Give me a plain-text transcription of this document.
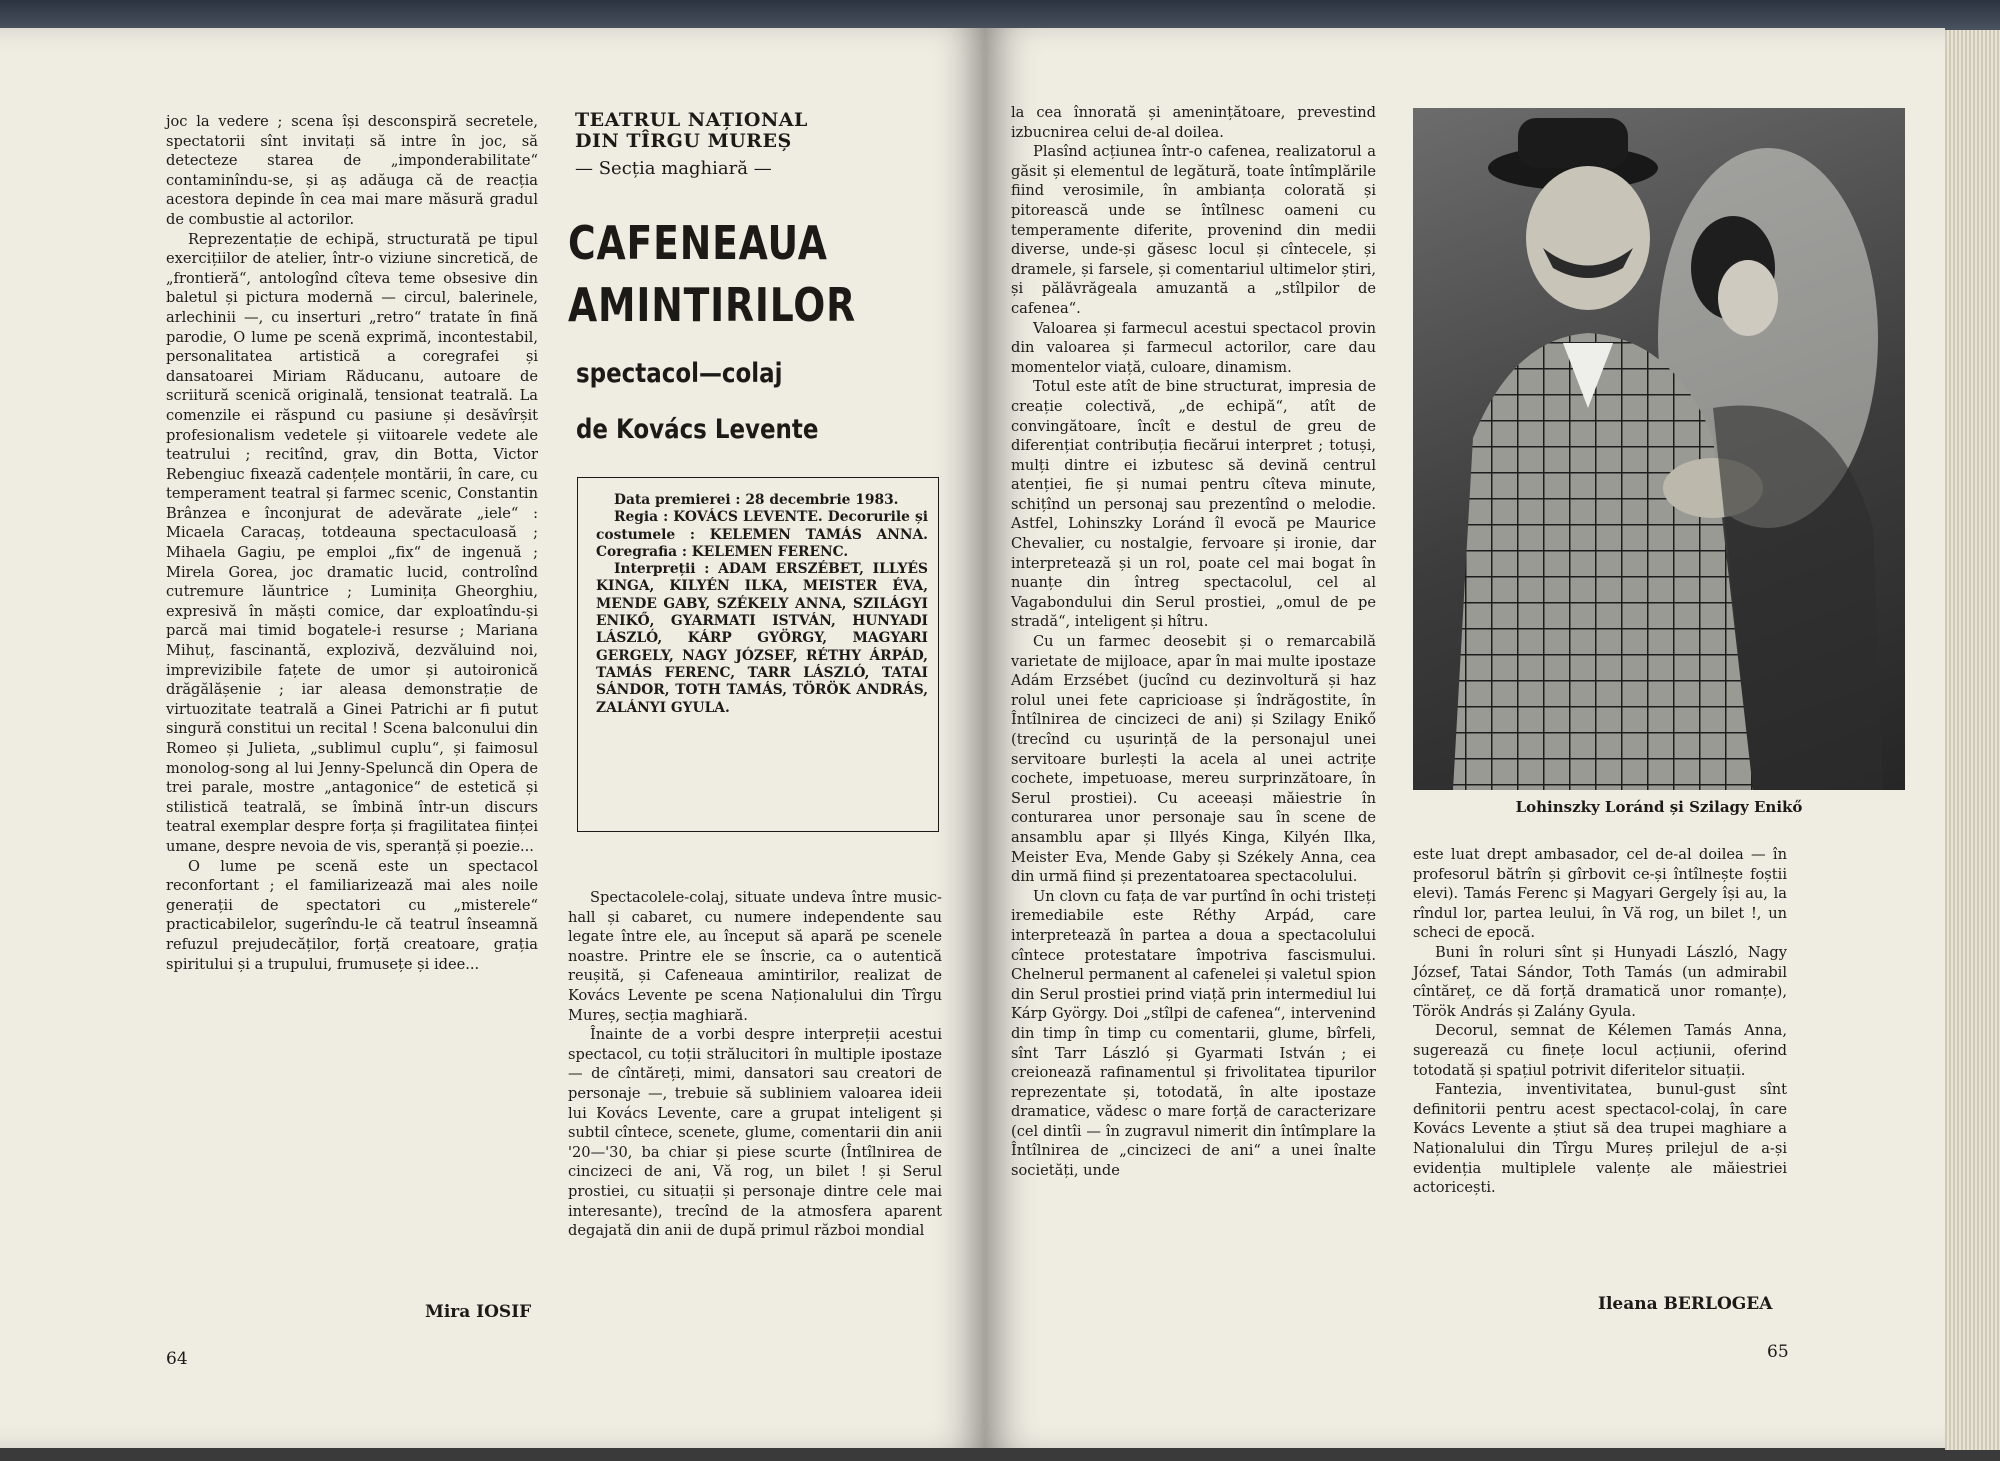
joc la vedere ; scena își desconspiră secretele, spectatorii sînt invitați să intre în joc, să detecteze starea de „imponderabilitate“ contaminîndu-se, și aș adăuga că de reacția acestora depinde în cea mai mare măsură gradul de combustie al actorilor.

Reprezentație de echipă, structurată pe tipul exercițiilor de atelier, într-o viziune sincretică, de „frontieră“, antologînd cîteva teme obsesive din baletul și pictura modernă — circul, balerinele, arlechinii —, cu inserturi „retro“ tratate în fină parodie, O lume pe scenă exprimă, incontestabil, personalitatea artistică a coregrafei și dansatoarei Miriam Răducanu, autoare de scriitură scenică originală, tensionat teatrală. La comenzile ei răspund cu pasiune și desăvîrșit profesionalism vedetele și viitoarele vedete ale teatrului ; recitînd, grav, din Botta, Victor Rebengiuc fixează cadențele montării, în care, cu temperament teatral și farmec scenic, Constantin Brânzea e înconjurat de adevărate „iele“ : Micaela Caracaș, totdeauna spectaculoasă ; Mihaela Gagiu, pe emploi „fix“ de ingenuă ; Mirela Gorea, joc dramatic lucid, controlînd cutremure lăuntrice ; Luminița Gheorghiu, expresivă în măști comice, dar exploatîndu-și parcă mai timid bogatele-i resurse ; Mariana Mihuț, fascinantă, explozivă, dezvăluind noi, imprevizibile fațete de umor și autoironică drăgălășenie ; iar aleasa demonstrație de virtuozitate teatrală a Ginei Patrichi ar fi putut singură constitui un recital ! Scena balconului din Romeo și Julieta, „sublimul cuplu“, și faimosul monolog-song al lui Jenny-Speluncă din Opera de trei parale, mostre „antagonice“ de estetică și stilistică teatrală, se îmbină într-un discurs teatral exemplar despre forța și fragilitatea ființei umane, despre nevoia de vis, speranță și poezie...

O lume pe scenă este un spectacol reconfortant ; el familiarizează mai ales noile generații de spectatori cu „misterele“ practicabilelor, sugerîndu-le că teatrul înseamnă refuzul prejudecăților, forță creatoare, grația spiritului și a trupului, frumusețe și idee...

Mira IOSIF
64
TEATRUL NAȚIONAL
DIN TÎRGU MUREȘ
— Secția maghiară —
CAFENEAUA
AMINTIRILOR
spectacol—colaj
de Kovács Levente

Data premierei : 28 decembrie 1983.

Regia : KOVÁCS LEVENTE. Decorurile și costumele : KELEMEN TAMÁS ANNA. Coregrafia : KELEMEN FERENC.

Interpreții : ADAM ERSZÉBET, ILLYÉS KINGA, KILYÉN ILKA, MEISTER ÉVA, MENDE GABY, SZÉKELY ANNA, SZILÁGYI ENIKŐ, GYARMATI ISTVÁN, HUNYADI LÁSZLÓ, KÁRP GYÖRGY, MAGYARI GERGELY, NAGY JÓZSEF, RÉTHY ÁRPÁD, TAMÁS FERENC, TARR LÁSZLÓ, TATAI SÁNDOR, TOTH TAMÁS, TÖRÖK ANDRÁS, ZALÁNYI GYULA.

Spectacolele-colaj, situate undeva între music-hall și cabaret, cu numere independente sau legate între ele, au început să apară pe scenele noastre. Printre ele se înscrie, ca o autentică reușită, și Cafeneaua amintirilor, realizat de Kovács Levente pe scena Naționalului din Tîrgu Mureș, secția maghiară.

Înainte de a vorbi despre interpreții acestui spectacol, cu toții strălucitori în multiple ipostaze — de cîntăreți, mimi, dansatori sau creatori de personaje —, trebuie să subliniem valoarea ideii lui Kovács Levente, care a grupat inteligent și subtil cîntece, scenete, glume, comentarii din anii '20—'30, ba chiar și piese scurte (Întîlnirea de cincizeci de ani, Vă rog, un bilet ! și Serul prostiei, cu situații și personaje dintre cele mai interesante), trecînd de la atmosfera aparent degajată din anii de după primul război mondial

la cea înnorată și amenințătoare, prevestind izbucnirea celui de-al doilea.

Plasînd acțiunea într-o cafenea, realizatorul a găsit și elementul de legătură, toate întîmplările fiind verosimile, în ambianța colorată și pitorească unde se întîlnesc oameni cu temperamente diferite, provenind din medii diverse, unde-și găsesc locul și cîntecele, și dramele, și farsele, și comentariul ultimelor știri, și pălăvrăgeala amuzantă a „stîlpilor de cafenea“.

Valoarea și farmecul acestui spectacol provin din valoarea și farmecul actorilor, care dau momentelor viață, culoare, dinamism.

Totul este atît de bine structurat, impresia de creație colectivă, „de echipă“, atît de convingătoare, încît e destul de greu de diferențiat contribuția fiecărui interpret ; totuși, mulți dintre ei izbutesc să devină centrul atenției, fie și numai pentru cîteva minute, schițînd un personaj sau prezentînd o melodie. Astfel, Lohinszky Loránd îl evocă pe Maurice Chevalier, cu nostalgie, fervoare și ironie, dar interpretează și un rol, poate cel mai bogat în nuanțe din întreg spectacolul, cel al Vagabondului din Serul prostiei, „omul de pe stradă“, inteligent și hîtru.

Cu un farmec deosebit și o remarcabilă varietate de mijloace, apar în mai multe ipostaze Adám Erzsébet (jucînd cu dezinvoltură și haz rolul unei fete capricioase și îndrăgostite, în Întîlnirea de cincizeci de ani) și Szilagy Enikő (trecînd cu ușurință de la personajul unei servitoare burlești la acela al unei actrițe cochete, impetuoase, mereu surprinzătoare, în Serul prostiei). Cu aceeași măiestrie în conturarea unor personaje sau în scene de ansamblu apar și Illyés Kinga, Kilyén Ilka, Meister Eva, Mende Gaby și Székely Anna, cea din urmă fiind și prezentatoarea spectacolului.

Un clovn cu fața de var purtînd în ochi tristeți iremediabile este Réthy Arpád, care interpretează în partea a doua a spectacolului cîntece protestatare împotriva fascismului. Chelnerul permanent al cafenelei și valetul spion din Serul prostiei prind viață prin intermediul lui Kárp György. Doi „stîlpi de cafenea“, intervenind din timp în timp cu comentarii, glume, bîrfeli, sînt Tarr László și Gyarmati István ; ei creionează rafinamentul și frivolitatea tipurilor reprezentate și, totodată, în alte ipostaze dramatice, vădesc o mare forță de caracterizare (cel dintîi — în zugravul nimerit din întîmplare la Întîlnirea de „cincizeci de ani“ a unei înalte societăți, unde

Lohinszky Loránd și Szilagy Enikő

este luat drept ambasador, cel de-al doilea — în profesorul bătrîn și gîrbovit ce-și întîlnește foștii elevi). Tamás Ferenc și Magyari Gergely își au, la rîndul lor, partea leului, în Vă rog, un bilet !, un scheci de epocă.

Buni în roluri sînt și Hunyadi László, Nagy József, Tatai Sándor, Toth Tamás (un admirabil cîntăreț, ce dă forță dramatică unor romanțe), Török András și Zalány Gyula.

Decorul, semnat de Kélemen Tamás Anna, sugerează cu finețe locul acțiunii, oferind totodată și spațiul potrivit diferitelor situații.

Fantezia, inventivitatea, bunul-gust sînt definitorii pentru acest spectacol-colaj, în care Kovács Levente a știut să dea trupei maghiare a Naționalului din Tîrgu Mureș prilejul de a-și evidenția multiplele valențe ale măiestriei actoricești.

Ileana BERLOGEA
65
